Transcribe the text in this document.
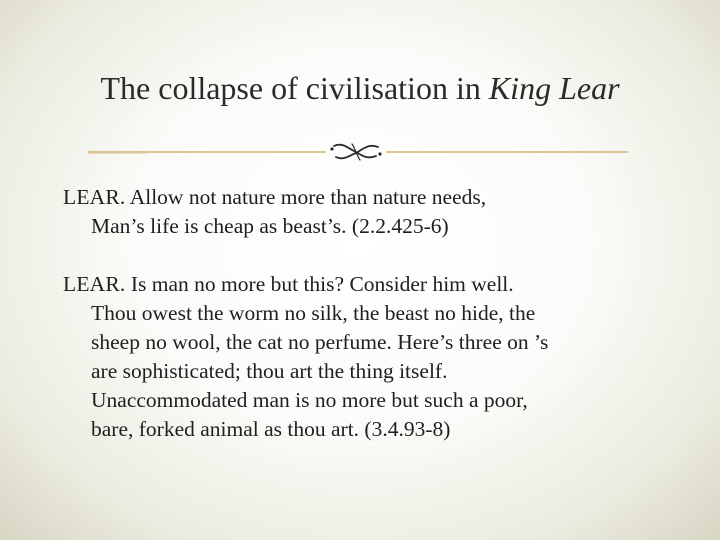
The collapse of civilisation in King Lear

LEAR. Allow not nature more than nature needs,
Man’s life is cheap as beast’s. (2.2.425-6)

LEAR. Is man no more but this? Consider him well.
Thou owest the worm no silk, the beast no hide, the
sheep no wool, the cat no perfume. Here’s three on ’s
are sophisticated; thou art the thing itself.
Unaccommodated man is no more but such a poor,
bare, forked animal as thou art. (3.4.93-8)
